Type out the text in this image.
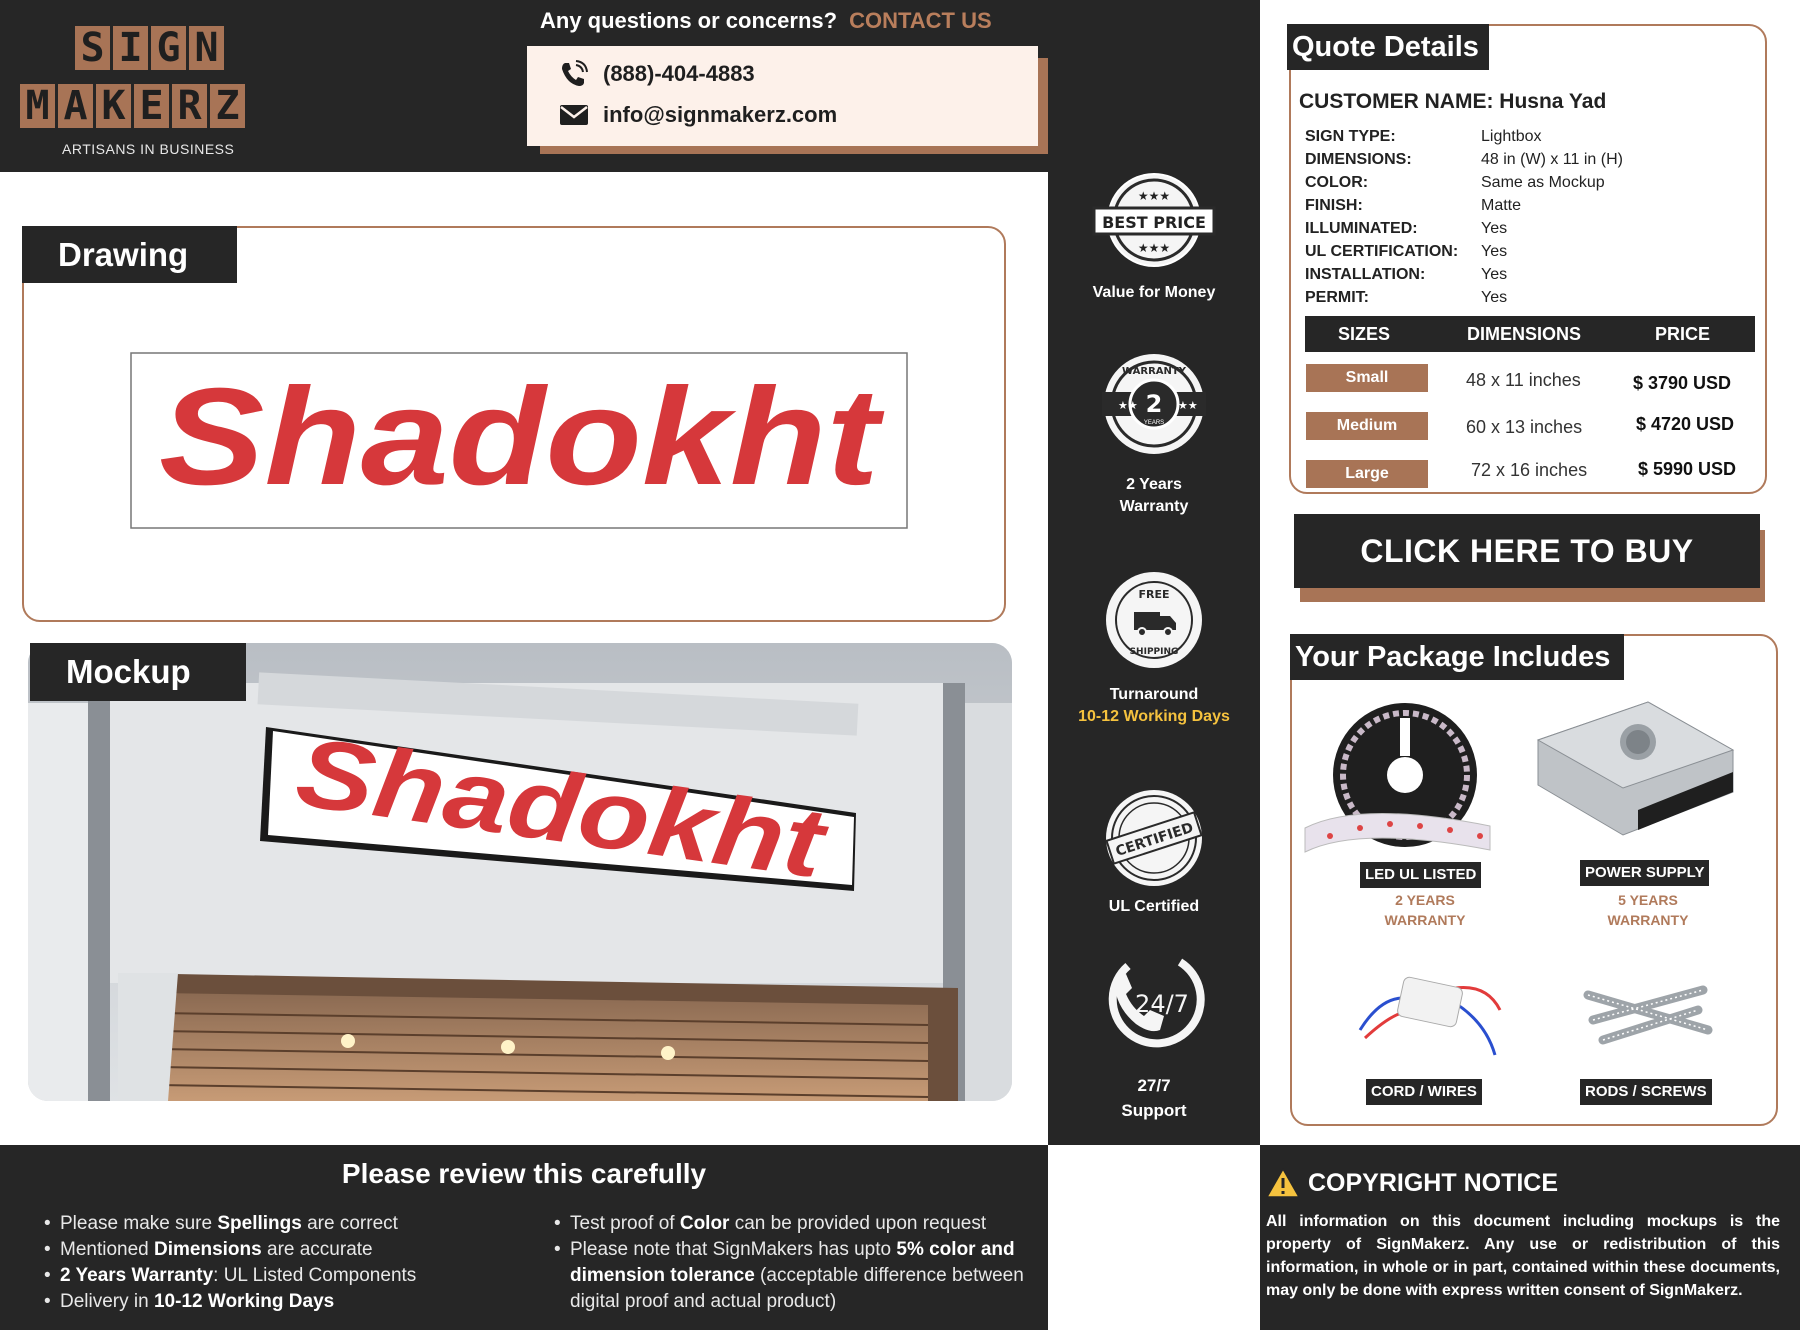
S I G N
M A K E R Z
ARTISANS IN BUSINESS
Any questions or concerns? CONTACT US
(888)-404-4883
info@signmakerz.com
Shadokht
Drawing
Shadokht
Mockup
BEST PRICE
★★★
★★★
Value for Money
2
YEARS
WARRANTY
★★	★★
2 Years
Warranty
FREE
SHIPPING
Turnaround
10-12 Working Days
CERTIFIED
UL Certified
24/7
27/7
Support
Quote Details
CUSTOMER NAME: Husna Yad
SIGN TYPE:	Lightbox
DIMENSIONS:	48 in (W) x 11 in (H)
COLOR:	Same as Mockup
FINISH:	Matte
ILLUMINATED:	Yes
UL CERTIFICATION: Yes
INSTALLATION:	Yes
PERMIT:	Yes
SIZES	DIMENSIONS	PRICE
Small	48 x 11 inches	$ 3790 USD
Medium	60 x 13 inches	$ 4720 USD
Large	72 x 16 inches	$ 5990 USD
CLICK HERE TO BUY
Your Package Includes
LED UL LISTED
2 YEARS
WARRANTY
POWER SUPPLY
5 YEARS
WARRANTY
CORD / WIRES	RODS / SCREWS
Please review this carefully
• Please make sure Spellings are correct
• Mentioned Dimensions are accurate
• 2 Years Warranty: UL Listed Components
• Delivery in 10-12 Working Days
• Test proof of Color can be provided upon request
• Please note that SignMakers has upto 5% color and dimension tolerance (acceptable difference between digital proof and actual product)
COPYRIGHT NOTICE
All information on this document including mockups is the property of SignMakerz. Any use or redistribution of this information, in whole or in part, contained within these documents, may only be done with express written consent of SignMakerz.
